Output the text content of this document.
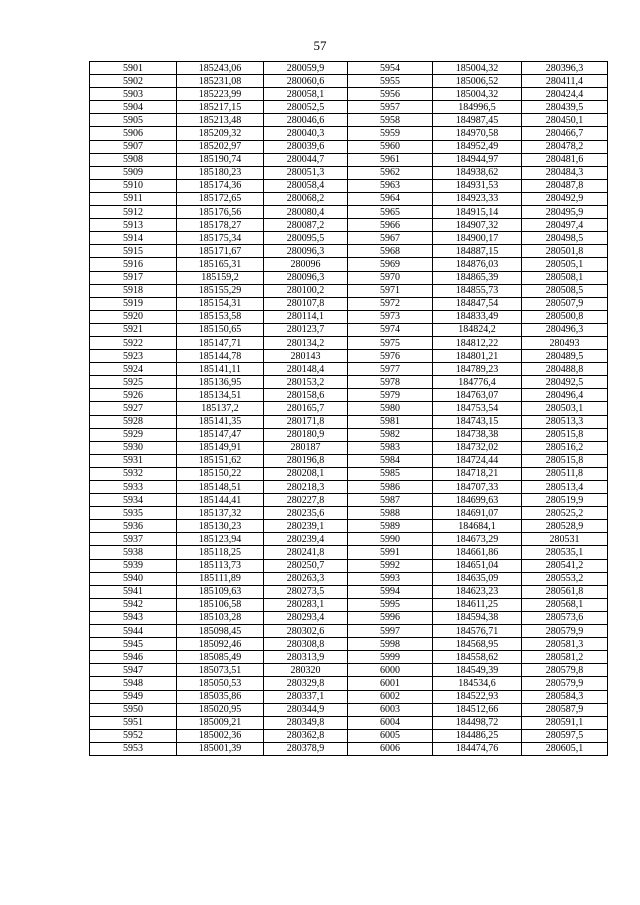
57
5901	185243,06	280059,9	5954	185004,32	280396,3
5902	185231,08	280060,6	5955	185006,52	280411,4
5903	185223,99	280058,1	5956	185004,32	280424,4
5904	185217,15	280052,5	5957	184996,5	280439,5
5905	185213,48	280046,6	5958	184987,45	280450,1
5906	185209,32	280040,3	5959	184970,58	280466,7
5907	185202,97	280039,6	5960	184952,49	280478,2
5908	185190,74	280044,7	5961	184944,97	280481,6
5909	185180,23	280051,3	5962	184938,62	280484,3
5910	185174,36	280058,4	5963	184931,53	280487,8
5911	185172,65	280068,2	5964	184923,33	280492,9
5912	185176,56	280080,4	5965	184915,14	280495,9
5913	185178,27	280087,2	5966	184907,32	280497,4
5914	185175,34	280095,5	5967	184900,17	280498,5
5915	185171,67	280096,3	5968	184887,15	280501,8
5916	185165,31	280096	5969	184876,03	280505,1
5917	185159,2	280096,3	5970	184865,39	280508,1
5918	185155,29	280100,2	5971	184855,73	280508,5
5919	185154,31	280107,8	5972	184847,54	280507,9
5920	185153,58	280114,1	5973	184833,49	280500,8
5921	185150,65	280123,7	5974	184824,2	280496,3
5922	185147,71	280134,2	5975	184812,22	280493
5923	185144,78	280143	5976	184801,21	280489,5
5924	185141,11	280148,4	5977	184789,23	280488,8
5925	185136,95	280153,2	5978	184776,4	280492,5
5926	185134,51	280158,6	5979	184763,07	280496,4
5927	185137,2	280165,7	5980	184753,54	280503,1
5928	185141,35	280171,8	5981	184743,15	280513,3
5929	185147,47	280180,9	5982	184738,38	280515,8
5930	185149,91	280187	5983	184732,02	280516,2
5931	185151,62	280196,8	5984	184724,44	280515,8
5932	185150,22	280208,1	5985	184718,21	280511,8
5933	185148,51	280218,3	5986	184707,33	280513,4
5934	185144,41	280227,8	5987	184699,63	280519,9
5935	185137,32	280235,6	5988	184691,07	280525,2
5936	185130,23	280239,1	5989	184684,1	280528,9
5937	185123,94	280239,4	5990	184673,29	280531
5938	185118,25	280241,8	5991	184661,86	280535,1
5939	185113,73	280250,7	5992	184651,04	280541,2
5940	185111,89	280263,3	5993	184635,09	280553,2
5941	185109,63	280273,5	5994	184623,23	280561,8
5942	185106,58	280283,1	5995	184611,25	280568,1
5943	185103,28	280293,4	5996	184594,38	280573,6
5944	185098,45	280302,6	5997	184576,71	280579,9
5945	185092,46	280308,8	5998	184568,95	280581,3
5946	185085,49	280313,9	5999	184558,62	280581,2
5947	185073,51	280320	6000	184549,39	280579,8
5948	185050,53	280329,8	6001	184534,6	280579,9
5949	185035,86	280337,1	6002	184522,93	280584,3
5950	185020,95	280344,9	6003	184512,66	280587,9
5951	185009,21	280349,8	6004	184498,72	280591,1
5952	185002,36	280362,8	6005	184486,25	280597,5
5953	185001,39	280378,9	6006	184474,76	280605,1
